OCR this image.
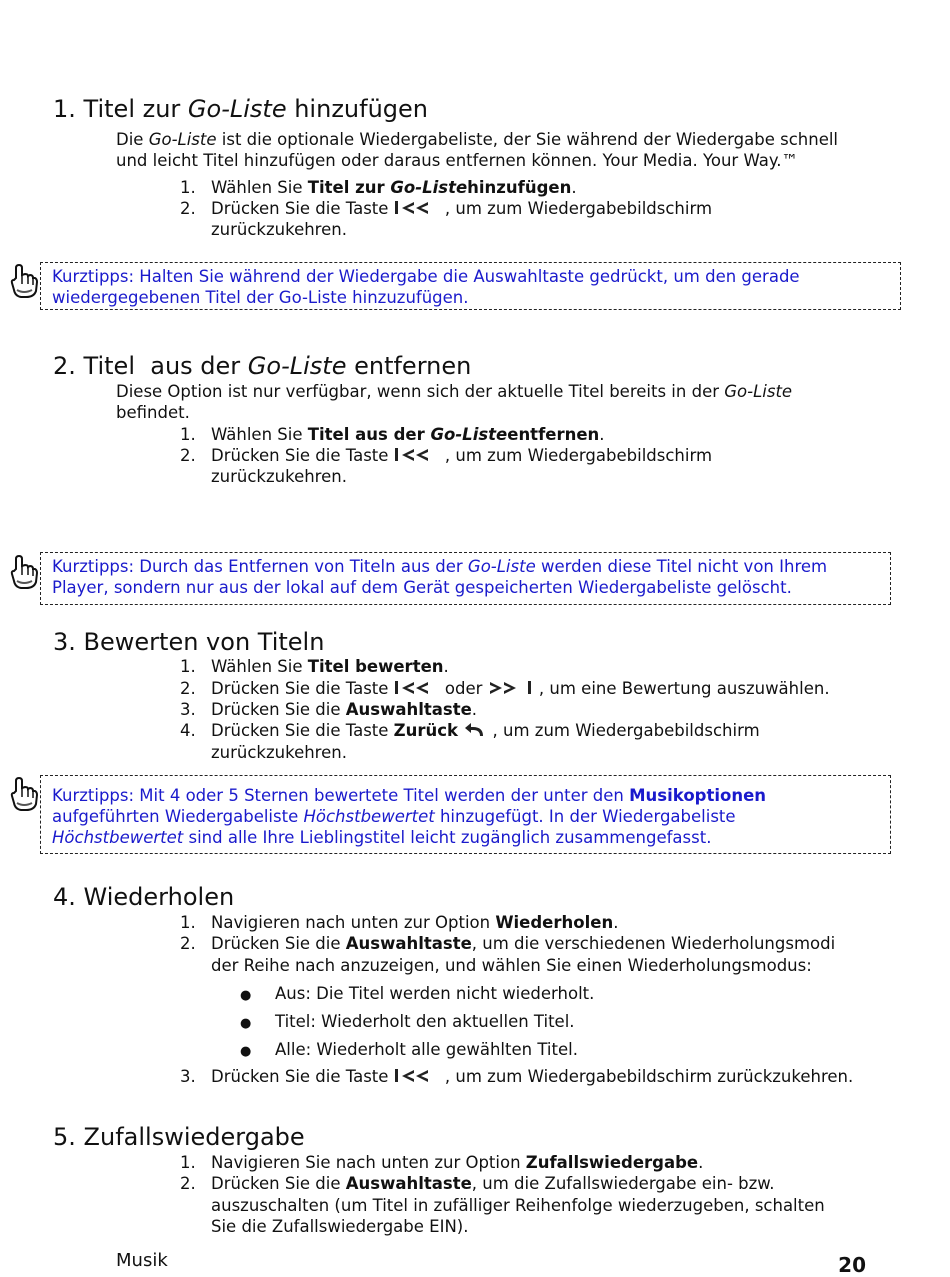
1. Titel zur Go-Liste hinzufügen
Die Go-Liste ist die optionale Wiedergabeliste, der Sie während der Wiedergabe schnell
und leicht Titel hinzufügen oder daraus entfernen können. Your Media. Your Way.™
1. Wählen Sie Titel zur Go-Listehinzufügen.
2. Drücken Sie die Taste	, um zum Wiedergabebildschirm
zurückzukehren.
Kurztipps: Halten Sie während der Wiedergabe die Auswahltaste gedrückt, um den gerade
wiedergegebenen Titel der Go-Liste hinzuzufügen.
2. Titel  aus der Go-Liste entfernen
Diese Option ist nur verfügbar, wenn sich der aktuelle Titel bereits in der Go-Liste
befindet.
1. Wählen Sie Titel aus der Go-Listeentfernen.
2. Drücken Sie die Taste	, um zum Wiedergabebildschirm
zurückzukehren.
Kurztipps: Durch das Entfernen von Titeln aus der Go-Liste werden diese Titel nicht von Ihrem
Player, sondern nur aus der lokal auf dem Gerät gespeicherten Wiedergabeliste gelöscht.
3. Bewerten von Titeln
1. Wählen Sie Titel bewerten.
2. Drücken Sie die Taste	oder	, um eine Bewertung auszuwählen.
3. Drücken Sie die Auswahltaste.
4. Drücken Sie die Taste Zurück , um zum Wiedergabebildschirm
zurückzukehren.
Kurztipps: Mit 4 oder 5 Sternen bewertete Titel werden der unter den Musikoptionen
aufgeführten Wiedergabeliste Höchstbewertet hinzugefügt. In der Wiedergabeliste
Höchstbewertet sind alle Ihre Lieblingstitel leicht zugänglich zusammengefasst.
4. Wiederholen
1. Navigieren nach unten zur Option Wiederholen.
2. Drücken Sie die Auswahltaste, um die verschiedenen Wiederholungsmodi
der Reihe nach anzuzeigen, und wählen Sie einen Wiederholungsmodus:
● Aus: Die Titel werden nicht wiederholt.
● Titel: Wiederholt den aktuellen Titel.
● Alle: Wiederholt alle gewählten Titel.
3. Drücken Sie die Taste	, um zum Wiedergabebildschirm zurückzukehren.
5. Zufallswiedergabe
1. Navigieren Sie nach unten zur Option Zufallswiedergabe.
2. Drücken Sie die Auswahltaste, um die Zufallswiedergabe ein- bzw.
auszuschalten (um Titel in zufälliger Reihenfolge wiederzugeben, schalten
Sie die Zufallswiedergabe EIN).
Musik	20
